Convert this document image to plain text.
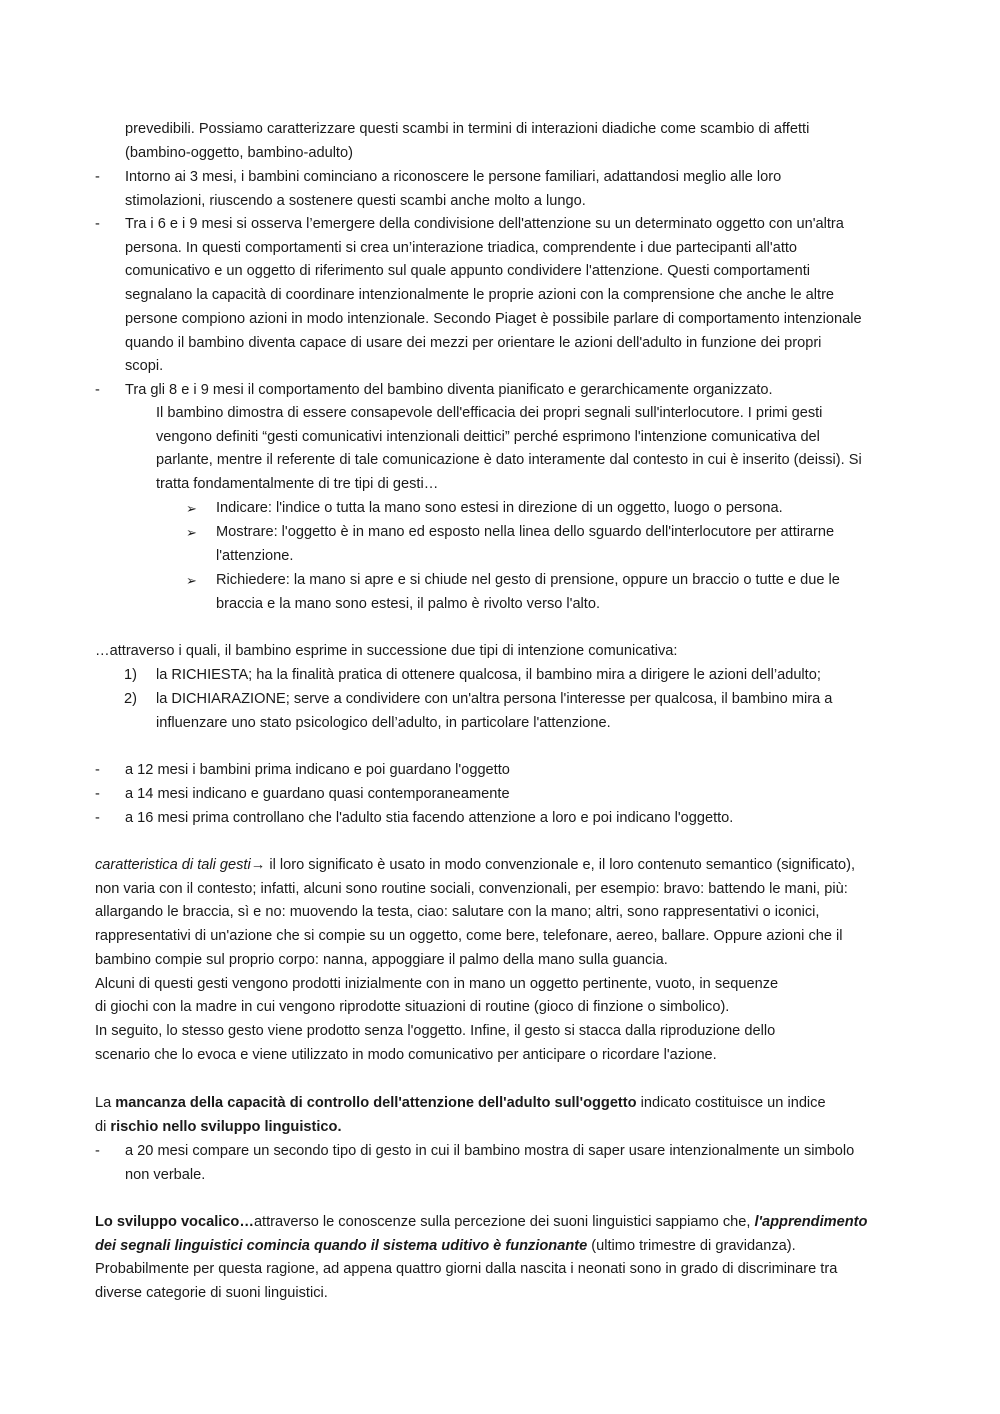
prevedibili. Possiamo caratterizzare questi scambi in termini di interazioni diadiche come scambio di affetti
(bambino-oggetto, bambino-adulto)
- Intorno ai 3 mesi, i bambini cominciano a riconoscere le persone familiari, adattandosi meglio alle loro
stimolazioni, riuscendo a sostenere questi scambi anche molto a lungo.
- Tra i 6 e i 9 mesi si osserva l’emergere della condivisione dell'attenzione su un determinato oggetto con un'altra
persona. In questi comportamenti si crea un’interazione triadica, comprendente i due partecipanti all'atto
comunicativo e un oggetto di riferimento sul quale appunto condividere l'attenzione. Questi comportamenti
segnalano la capacità di coordinare intenzionalmente le proprie azioni con la comprensione che anche le altre
persone compiono azioni in modo intenzionale. Secondo Piaget è possibile parlare di comportamento intenzionale
quando il bambino diventa capace di usare dei mezzi per orientare le azioni dell'adulto in funzione dei propri
scopi.
- Tra gli 8 e i 9 mesi il comportamento del bambino diventa pianificato e gerarchicamente organizzato.
Il bambino dimostra di essere consapevole dell'efficacia dei propri segnali sull'interlocutore. I primi gesti
vengono definiti “gesti comunicativi intenzionali deittici” perché esprimono l'intenzione comunicativa del
parlante, mentre il referente di tale comunicazione è dato interamente dal contesto in cui è inserito (deissi). Si
tratta fondamentalmente di tre tipi di gesti…
➢ Indicare: l'indice o tutta la mano sono estesi in direzione di un oggetto, luogo o persona.
➢ Mostrare: l'oggetto è in mano ed esposto nella linea dello sguardo dell'interlocutore per attirarne
l'attenzione.
➢ Richiedere: la mano si apre e si chiude nel gesto di prensione, oppure un braccio o tutte e due le
braccia e la mano sono estesi, il palmo è rivolto verso l'alto.
…attraverso i quali, il bambino esprime in successione due tipi di intenzione comunicativa:
1) la RICHIESTA; ha la finalità pratica di ottenere qualcosa, il bambino mira a dirigere le azioni dell’adulto;
2) la DICHIARAZIONE; serve a condividere con un'altra persona l'interesse per qualcosa, il bambino mira a
influenzare uno stato psicologico dell’adulto, in particolare l'attenzione.
- a 12 mesi i bambini prima indicano e poi guardano l'oggetto
- a 14 mesi indicano e guardano quasi contemporaneamente
- a 16 mesi prima controllano che l'adulto stia facendo attenzione a loro e poi indicano l'oggetto.
caratteristica di tali gesti→ il loro significato è usato in modo convenzionale e, il loro contenuto semantico (significato),
non varia con il contesto; infatti, alcuni sono routine sociali, convenzionali, per esempio: bravo: battendo le mani, più:
allargando le braccia, sì e no: muovendo la testa, ciao: salutare con la mano; altri, sono rappresentativi o iconici,
rappresentativi di un'azione che si compie su un oggetto, come bere, telefonare, aereo, ballare. Oppure azioni che il
bambino compie sul proprio corpo: nanna, appoggiare il palmo della mano sulla guancia.
Alcuni di questi gesti vengono prodotti inizialmente con in mano un oggetto pertinente, vuoto, in sequenze
di giochi con la madre in cui vengono riprodotte situazioni di routine (gioco di finzione o simbolico).
In seguito, lo stesso gesto viene prodotto senza l'oggetto. Infine, il gesto si stacca dalla riproduzione dello
scenario che lo evoca e viene utilizzato in modo comunicativo per anticipare o ricordare l'azione.
La mancanza della capacità di controllo dell'attenzione dell'adulto sull'oggetto indicato costituisce un indice
di rischio nello sviluppo linguistico.
- a 20 mesi compare un secondo tipo di gesto in cui il bambino mostra di saper usare intenzionalmente un simbolo
non verbale.
Lo sviluppo vocalico…attraverso le conoscenze sulla percezione dei suoni linguistici sappiamo che, l'apprendimento
dei segnali linguistici comincia quando il sistema uditivo è funzionante (ultimo trimestre di gravidanza).
Probabilmente per questa ragione, ad appena quattro giorni dalla nascita i neonati sono in grado di discriminare tra
diverse categorie di suoni linguistici.
